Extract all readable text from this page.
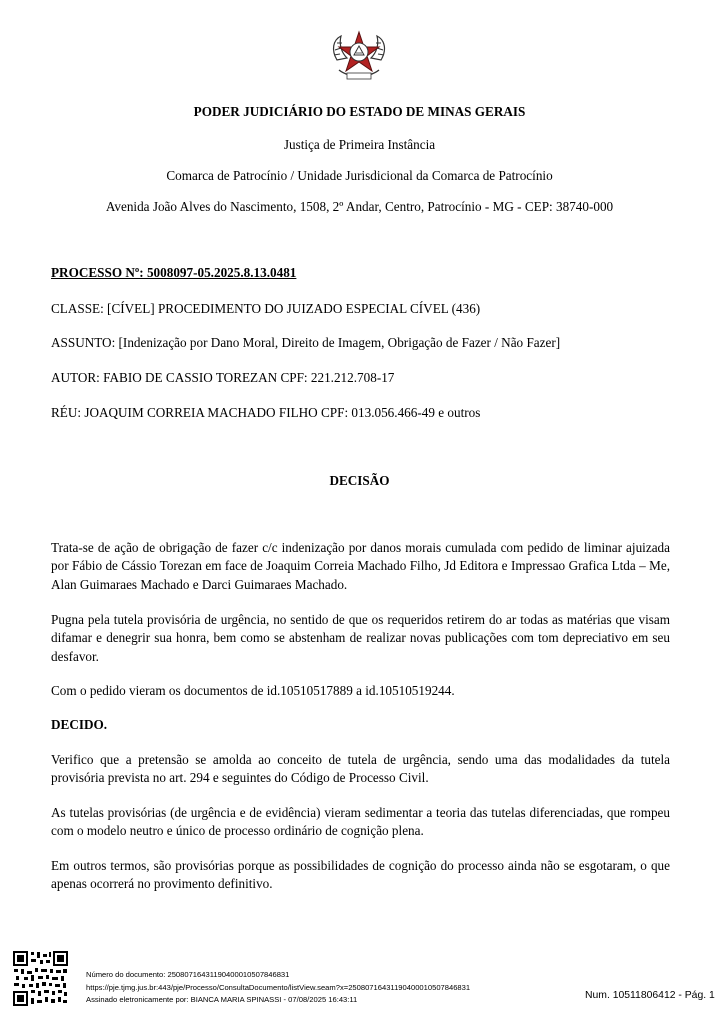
PODER JUDICIÁRIO DO ESTADO DE MINAS GERAIS
Justiça de Primeira Instância
Comarca de Patrocínio / Unidade Jurisdicional da Comarca de Patrocínio
Avenida João Alves do Nascimento, 1508, 2º Andar, Centro, Patrocínio - MG - CEP: 38740-000
PROCESSO Nº: 5008097-05.2025.8.13.0481
CLASSE: [CÍVEL] PROCEDIMENTO DO JUIZADO ESPECIAL CÍVEL (436)
ASSUNTO: [Indenização por Dano Moral, Direito de Imagem, Obrigação de Fazer / Não Fazer]
AUTOR: FABIO DE CASSIO TOREZAN CPF: 221.212.708-17
RÉU: JOAQUIM CORREIA MACHADO FILHO CPF: 013.056.466-49 e outros
DECISÃO

Trata-se de ação de obrigação de fazer c/c indenização por danos morais cumulada com pedido de liminar ajuizada por Fábio de Cássio Torezan em face de Joaquim Correia Machado Filho, Jd Editora e Impressao Grafica Ltda – Me, Alan Guimaraes Machado e Darci Guimaraes Machado.

Pugna pela tutela provisória de urgência, no sentido de que os requeridos retirem do ar todas as matérias que visam difamar e denegrir sua honra, bem como se abstenham de realizar novas publicações com tom depreciativo em seu desfavor.

Com o pedido vieram os documentos de id.10510517889 a id.10510519244.

DECIDO.

Verifico que a pretensão se amolda ao conceito de tutela de urgência, sendo uma das modalidades da tutela provisória prevista no art. 294 e seguintes do Código de Processo Civil.

As tutelas provisórias (de urgência e de evidência) vieram sedimentar a teoria das tutelas diferenciadas, que rompeu com o modelo neutro e único de processo ordinário de cognição plena.

Em outros termos, são provisórias porque as possibilidades de cognição do processo ainda não se esgotaram, o que apenas ocorrerá no provimento definitivo.

Número do documento: 25080716431190400010507846831
https://pje.tjmg.jus.br:443/pje/Processo/ConsultaDocumento/listView.seam?x=25080716431190400010507846831
Assinado eletronicamente por: BIANCA MARIA SPINASSI - 07/08/2025 16:43:11	Num. 10511806412 - Pág. 1
